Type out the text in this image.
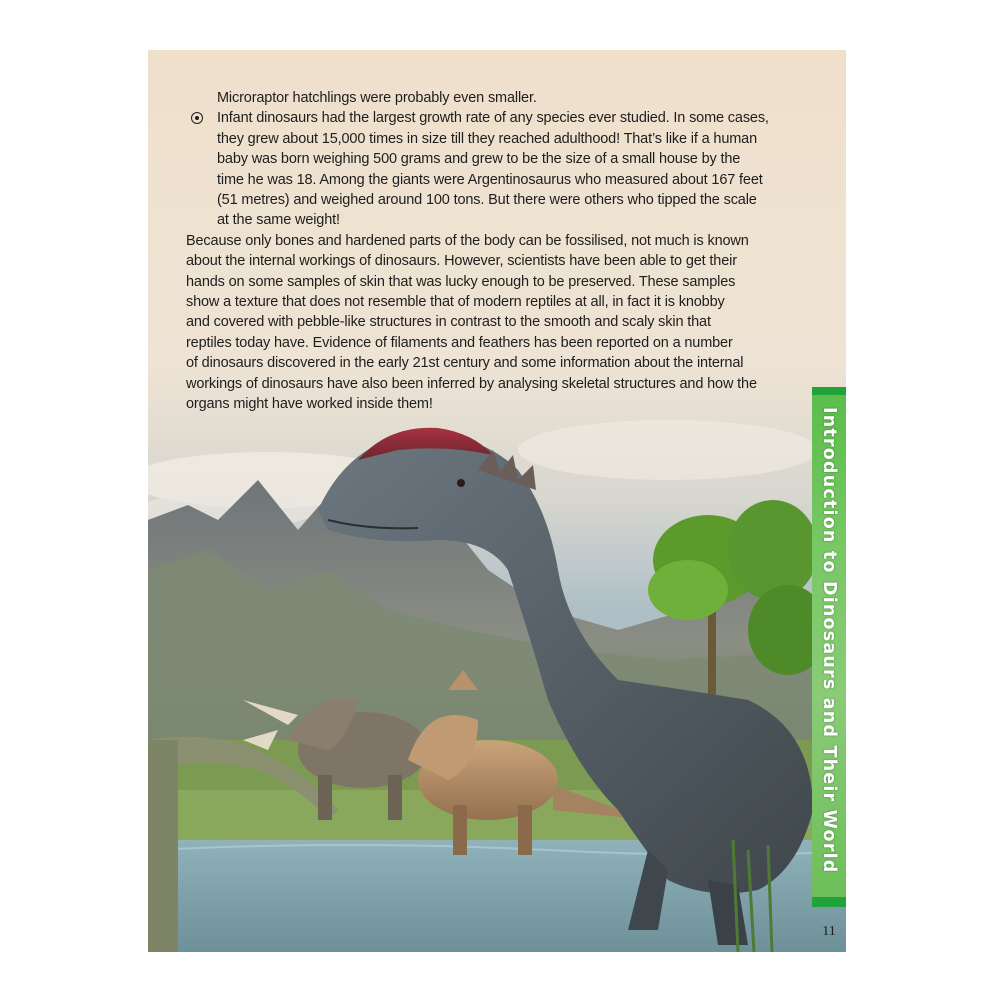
Microraptor hatchlings were probably even smaller.
Infant dinosaurs had the largest growth rate of any species ever studied. In some cases,
they grew about 15,000 times in size till they reached adulthood! That’s like if a human
baby was born weighing 500 grams and grew to be the size of a small house by the
time he was 18. Among the giants were Argentinosaurus who measured about 167 feet
(51 metres) and weighed around 100 tons. But there were others who tipped the scale
at the same weight!
Because only bones and hardened parts of the body can be fossilised, not much is known
about the internal workings of dinosaurs. However, scientists have been able to get their
hands on some samples of skin that was lucky enough to be preserved. These samples
show a texture that does not resemble that of modern reptiles at all, in fact it is knobby
and covered with pebble-like structures in contrast to the smooth and scaly skin that
reptiles today have. Evidence of filaments and feathers has been reported on a number
of dinosaurs discovered in the early 21st century and some information about the internal
workings of dinosaurs have also been inferred by analysing skeletal structures and how the
organs might have worked inside them!
Introduction to Dinosaurs and Their World
11
